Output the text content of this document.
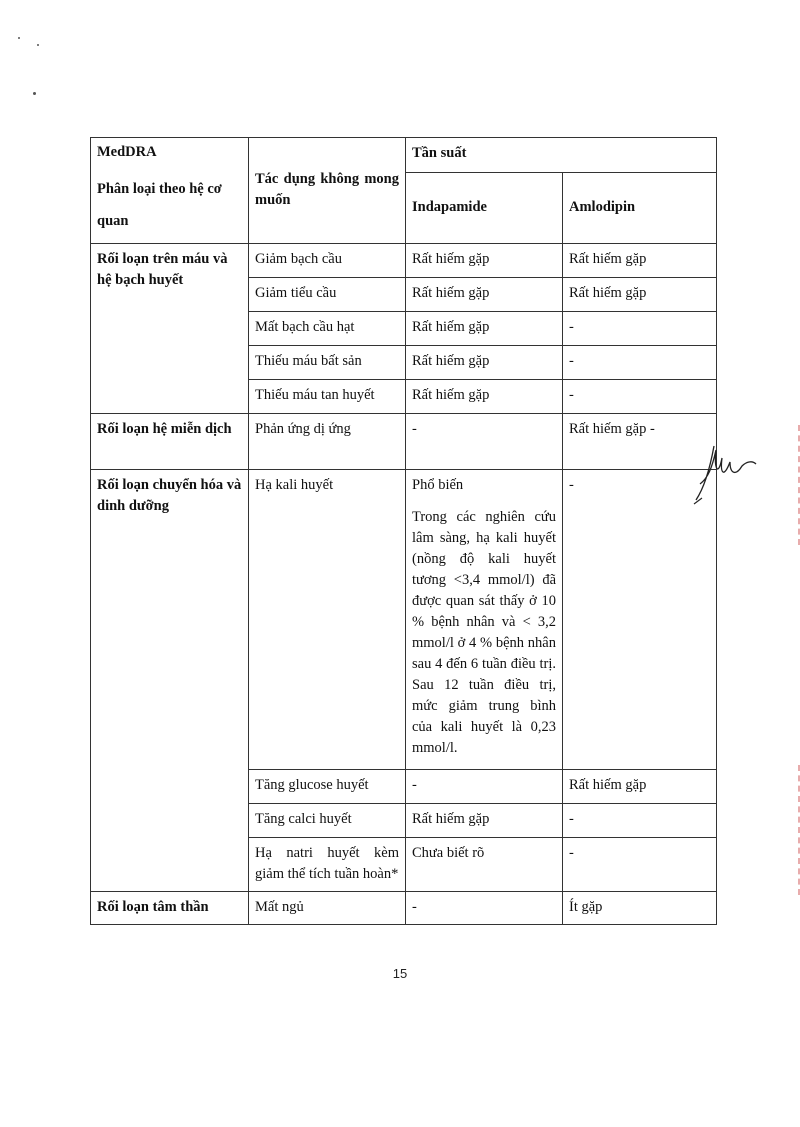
MedDRA
Phân loại theo hệ cơ quan	Tác dụng không mong muốn	Tần suất	
		Indapamide	Amlodipin
Rối loạn trên máu và hệ bạch huyết	Giảm bạch cầu	Rất hiếm gặp	Rất hiếm gặp
	Giảm tiểu cầu	Rất hiếm gặp	Rất hiếm gặp
	Mất bạch cầu hạt	Rất hiếm gặp	-
	Thiếu máu bất sản	Rất hiếm gặp	-
	Thiếu máu tan huyết	Rất hiếm gặp	-
Rối loạn hệ miễn dịch	Phản ứng dị ứng	-	Rất hiếm gặp -
Rối loạn chuyển hóa và dinh dưỡng	Hạ kali huyết	Phổ biến
Trong các nghiên cứu lâm sàng, hạ kali huyết (nồng độ kali huyết tương <3,4 mmol/l) đã được quan sát thấy ở 10 % bệnh nhân và < 3,2 mmol/l ở 4 % bệnh nhân sau 4 đến 6 tuần điều trị. Sau 12 tuần điều trị, mức giảm trung bình của kali huyết là 0,23 mmol/l.	-
	Tăng glucose huyết	-	Rất hiếm gặp
	Tăng calci huyết	Rất hiếm gặp	-
	Hạ natri huyết kèm giảm thể tích tuần hoàn*	Chưa biết rõ	-
Rối loạn tâm thần	Mất ngủ	-	Ít gặp
15
